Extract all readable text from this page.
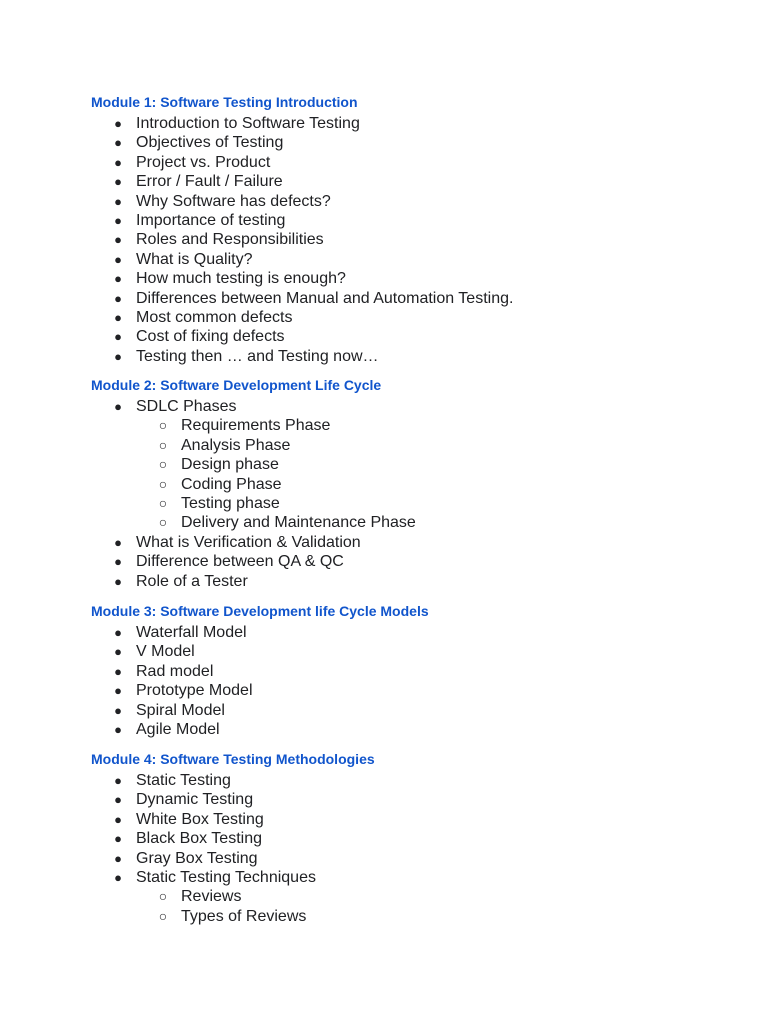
Module 1: Software Testing Introduction
● Introduction to Software Testing
● Objectives of Testing
● Project vs. Product
● Error / Fault / Failure
● Why Software has defects?
● Importance of testing
● Roles and Responsibilities
● What is Quality?
● How much testing is enough?
● Differences between Manual and Automation Testing.
● Most common defects
● Cost of fixing defects
● Testing then … and Testing now…
Module 2: Software Development Life Cycle
● SDLC Phases
○ Requirements Phase
○ Analysis Phase
○ Design phase
○ Coding Phase
○ Testing phase
○ Delivery and Maintenance Phase
● What is Verification & Validation
● Difference between QA & QC
● Role of a Tester
Module 3: Software Development life Cycle Models
● Waterfall Model
● V Model
● Rad model
● Prototype Model
● Spiral Model
● Agile Model
Module 4: Software Testing Methodologies
● Static Testing
● Dynamic Testing
● White Box Testing
● Black Box Testing
● Gray Box Testing
● Static Testing Techniques
○ Reviews
○ Types of Reviews
